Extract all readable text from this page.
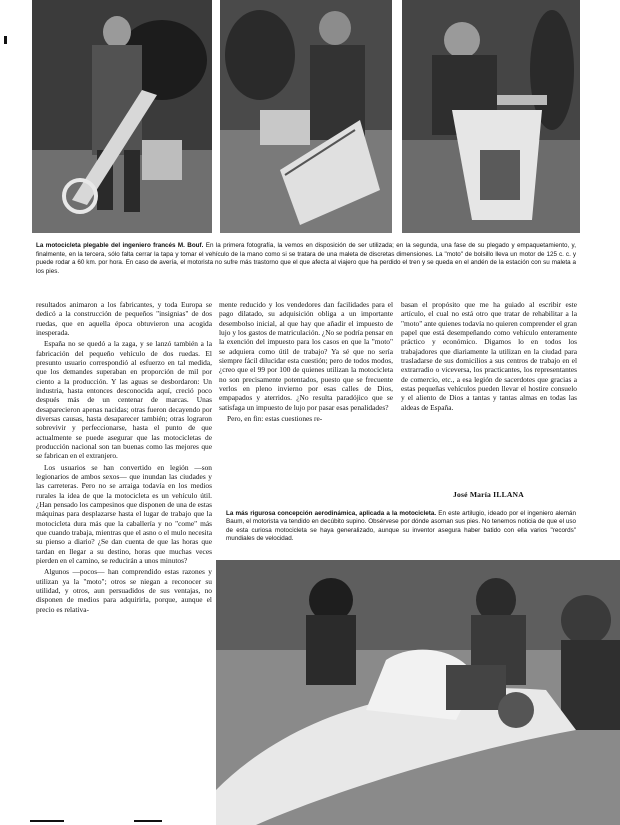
La motocicleta plegable del ingeniero francés M. Bouf. En la primera fotografía, la vemos en disposición de ser utilizada; en la segunda, una fase de su plegado y empaquetamiento, y, finalmente, en la tercera, sólo falta cerrar la tapa y tomar el vehículo de la mano como si se tratara de una maleta de discretas dimensiones. La "moto" de bolsillo lleva un motor de 125 c. c. y puede rodar a 60 km. por hora. En caso de avería, el motorista no sufre más trastorno que el que afecta al viajero que ha perdido el tren y se queda en el andén de la estación con su maleta a los pies.

resultados animaron a los fabricantes, y toda Europa se dedicó a la construcción de pequeños "insignias" de dos ruedas, que en aquella época obtuvieron una acogida inesperada.

España no se quedó a la zaga, y se lanzó también a la fabricación del pequeño vehículo de dos ruedas. El presunto usuario correspondió al esfuerzo en tal medida, que los demandes superaban en proporción de mil por ciento a la producción. Y las aguas se desbordaron: Un industria, hasta entonces desconocida aquí, creció poco después más de un centenar de marcas. Unas desaparecieron apenas nacidas; otras fueron decayendo por diversas causas, hasta desaparecer también; otras lograron sobrevivir y perfeccionarse, hasta el punto de que actualmente se puede asegurar que las motocicletas de producción nacional son tan buenas como las mejores que se fabrican en el extranjero.

Los usuarios se han convertido en legión —son legionarios de ambos sexos— que inundan las ciudades y las carreteras. Pero no se arraiga todavía en los medios rurales la idea de que la motocicleta es un vehículo útil. ¿Han pensado los campesinos que disponen de una de estas máquinas para desplazarse hasta el lugar de trabajo que la motocicleta dura más que la caballería y no "come" más que cuando trabaja, mientras que el asno o el mulo necesita su pienso a diario? ¿Se dan cuenta de que las horas que tardan en llegar a su destino, horas que muchas veces pierden en el camino, se reducirán a unos minutos?

Algunos —pocos— han comprendido estas razones y utilizan ya la "moto"; otros se niegan a reconocer su utilidad, y otros, aun persuadidos de sus ventajas, no disponen de medios para adquirirla, porque, aunque el precio es relativa-

mente reducido y los vendedores dan facilidades para el pago dilatado, su adquisición obliga a un importante desembolso inicial, al que hay que añadir el impuesto de lujo y los gastos de matriculación. ¿No se podría pensar en la exención del impuesto para los casos en que la "moto" se adquiera como útil de trabajo? Ya sé que no sería siempre fácil dilucidar esta cuestión; pero de todos modos, ¿creo que el 99 por 100 de quienes utilizan la motocicleta no son precisamente potentados, puesto que se frecuente verlos en pleno invierno por esas calles de Dios, empapados y aterridos. ¿No resulta paradójico que se satisfaga un impuesto de lujo por pasar esas penalidades?

Pero, en fin: estas cuestiones re-

basan el propósito que me ha guiado al escribir este artículo, el cual no está otro que tratar de rehabilitar a la "moto" ante quienes todavía no quieren comprender el gran papel que está desempeñando como vehículo enteramente práctico y económico. Digamos lo en todos los trabajadores que diariamente la utilizan en la ciudad para trasladarse de sus domicilios a sus centros de trabajo en el extrarradio o viceversa, los practicantes, los representantes de comercio, etc., a esa legión de sacerdotes que gracias a estas pequeñas vehículos pueden llevar el hostire consuelo y el aliento de Dios a tantas y tantas almas en todas las aldeas de España.

José María ILLANA
La más rigurosa concepción aerodinámica, aplicada a la motocicleta. En este artilugio, ideado por el ingeniero alemán Baum, el motorista va tendido en decúbito supino. Obsérvese por dónde asoman sus pies. No tenemos noticia de que el uso de esta curiosa motocicleta se haya generalizado, aunque su inventor asegura haber batido con ella varios "records" mundiales de velocidad.
